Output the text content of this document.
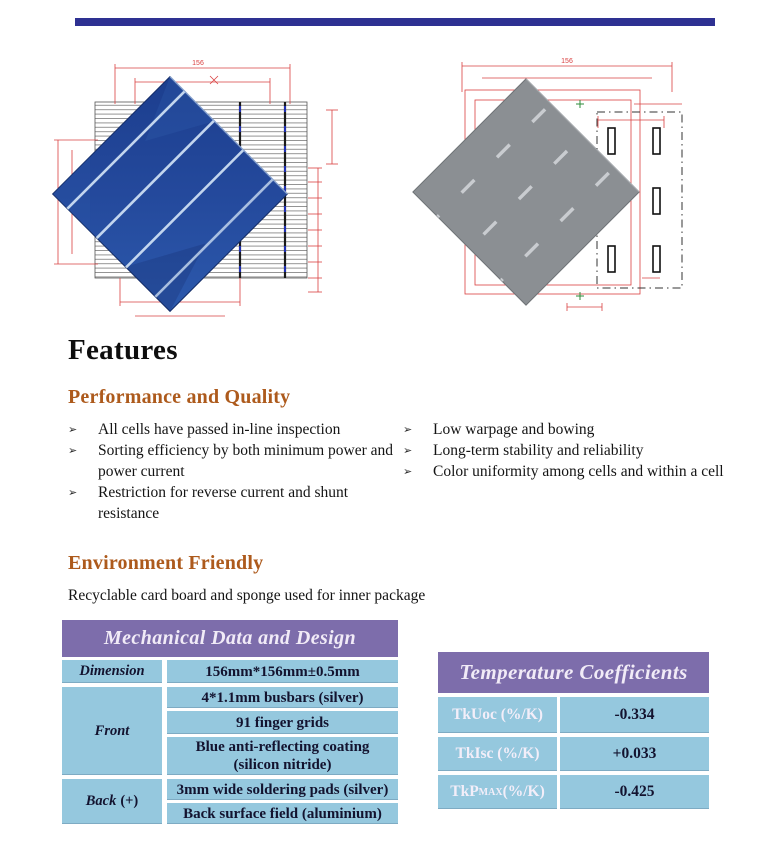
156	156
Features
Performance and Quality
➢	All cells have passed in-line inspection
➢	Sorting efficiency by both minimum power and power current
➢	Restriction for reverse current and shunt resistance
➢	Low warpage and bowing
➢	Long-term stability and reliability
➢	Color uniformity among cells and within a cell
Environment Friendly
Recyclable card board and sponge used for inner package
Mechanical Data and Design
Dimension	156mm*156mm±0.5mm
Front
4*1.1mm busbars (silver)
91 finger grids
Blue anti-reflecting coating (silicon nitride)
Back (+)
3mm wide soldering pads (silver)
Back surface field (aluminium)
Temperature Coefficients
TkUoc (%/K)	-0.334
TkIsc (%/K)	+0.033
TkP MAX (%/K)	-0.425
